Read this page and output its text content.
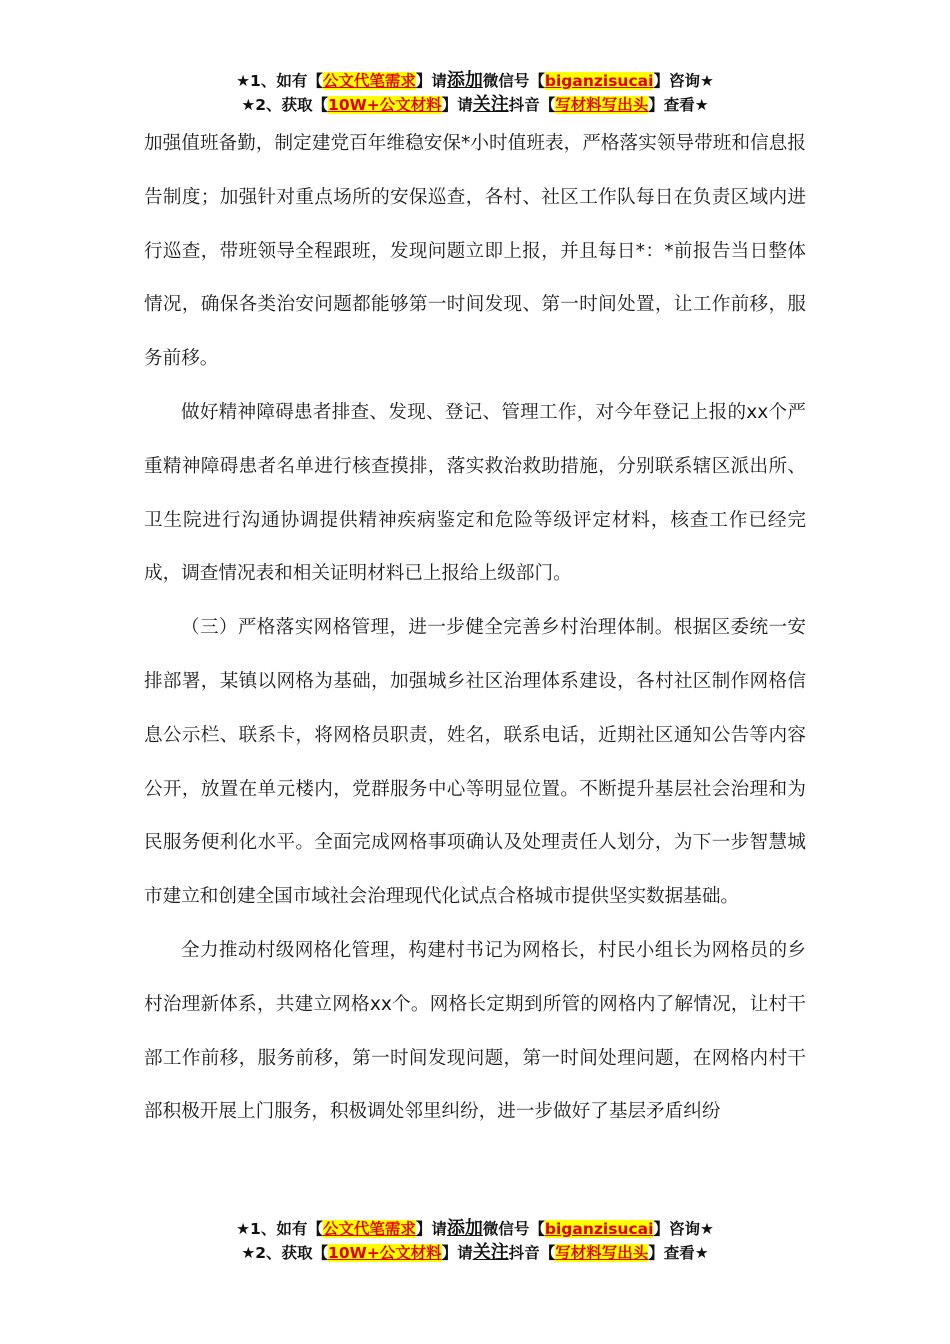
★1、如有【公文代笔需求】请添加微信号【biganzisucai】咨询★
★2、获取【10W+公文材料】请关注抖音【写材料写出头】查看★

加强值班备勤，制定建党百年维稳安保*小时值班表，严格落实领导带班和信息报告制度；加强针对重点场所的安保巡查，各村、社区工作队每日在负责区域内进行巡查，带班领导全程跟班，发现问题立即上报，并且每日*：*前报告当日整体情况，确保各类治安问题都能够第一时间发现、第一时间处置，让工作前移，服务前移。

做好精神障碍患者排查、发现、登记、管理工作，对今年登记上报的xx个严重精神障碍患者名单进行核查摸排，落实救治救助措施，分别联系辖区派出所、卫生院进行沟通协调提供精神疾病鉴定和危险等级评定材料，核查工作已经完成，调查情况表和相关证明材料已上报给上级部门。

（三）严格落实网格管理，进一步健全完善乡村治理体制。根据区委统一安排部署，某镇以网格为基础，加强城乡社区治理体系建设，各村社区制作网格信息公示栏、联系卡，将网格员职责，姓名，联系电话，近期社区通知公告等内容公开，放置在单元楼内，党群服务中心等明显位置。不断提升基层社会治理和为民服务便利化水平。全面完成网格事项确认及处理责任人划分，为下一步智慧城市建立和创建全国市域社会治理现代化试点合格城市提供坚实数据基础。

全力推动村级网格化管理，构建村书记为网格长，村民小组长为网格员的乡村治理新体系，共建立网格xx个。网格长定期到所管的网格内了解情况，让村干部工作前移，服务前移，第一时间发现问题，第一时间处理问题，在网格内村干部积极开展上门服务，积极调处邻里纠纷，进一步做好了基层矛盾纠纷

★1、如有【公文代笔需求】请添加微信号【biganzisucai】咨询★
★2、获取【10W+公文材料】请关注抖音【写材料写出头】查看★
